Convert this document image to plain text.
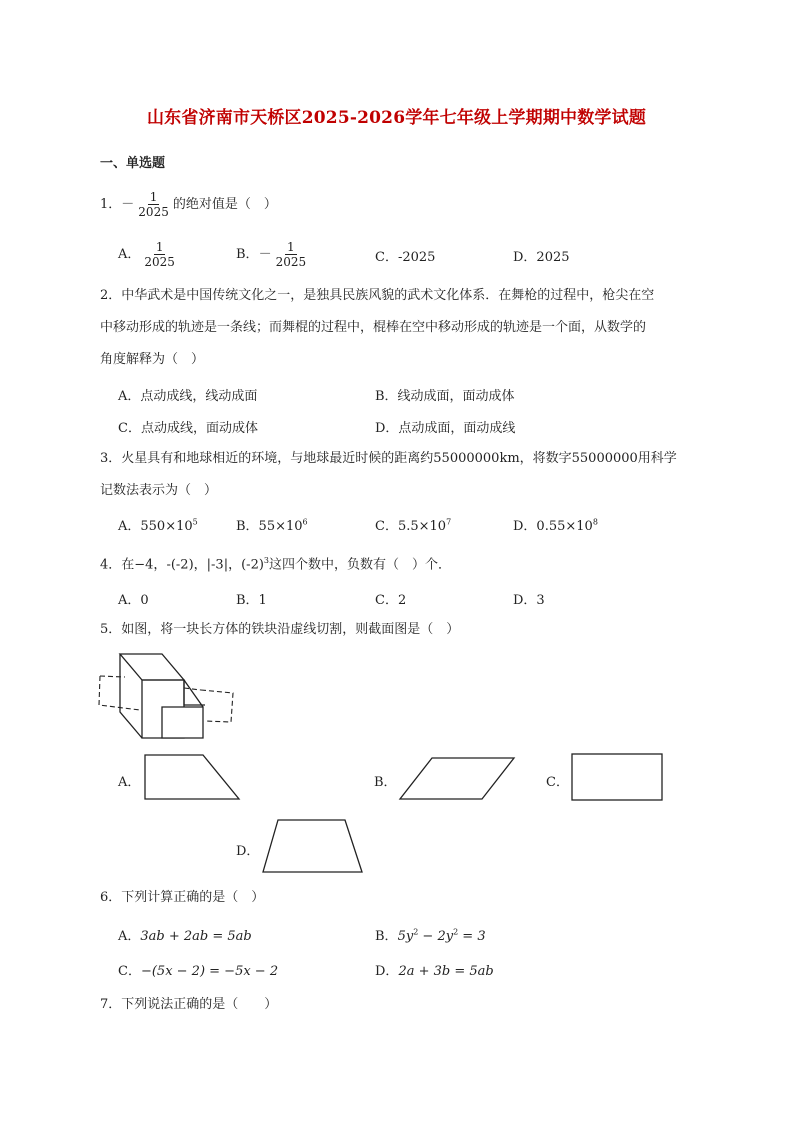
山东省济南市天桥区2025-2026学年七年级上学期期中数学试题
一、单选题
1．－ $\frac{1}{2025}$ 的绝对值是（　）
A． $\frac{1}{2025}$	B．－ $\frac{1}{2025}$	C．-2025	D．2025
2．中华武术是中国传统文化之一，是独具民族风貌的武术文化体系．在舞枪的过程中，枪尖在空
中移动形成的轨迹是一条线；而舞棍的过程中，棍棒在空中移动形成的轨迹是一个面，从数学的
角度解释为（　）
A．点动成线，线动成面	B．线动成面，面动成体
C．点动成线，面动成体	D．点动成面，面动成线
3．火星具有和地球相近的环境，与地球最近时候的距离约55000000km，将数字55000000用科学
记数法表示为（　）
A．$550\times 10^5$	B．$55\times 10^6$	C．$5.5\times 10^7$	D．$0.55\times 10^8$
4．在−4，-(-2)，|-3|，$(-2)^3$这四个数中，负数有（　）个．
A．0	B．1	C．2	D．3
5．如图，将一块长方体的铁块沿虚线切割，则截面图是（　）
A．	B．	C．
D．
6．下列计算正确的是（　）
A．3ab + 2ab = 5ab	B．$5y^2 - 2y^2 = 3$
C．−(5x − 2) = −5x − 2	D．2a + 3b = 5ab
7．下列说法正确的是（　　）
